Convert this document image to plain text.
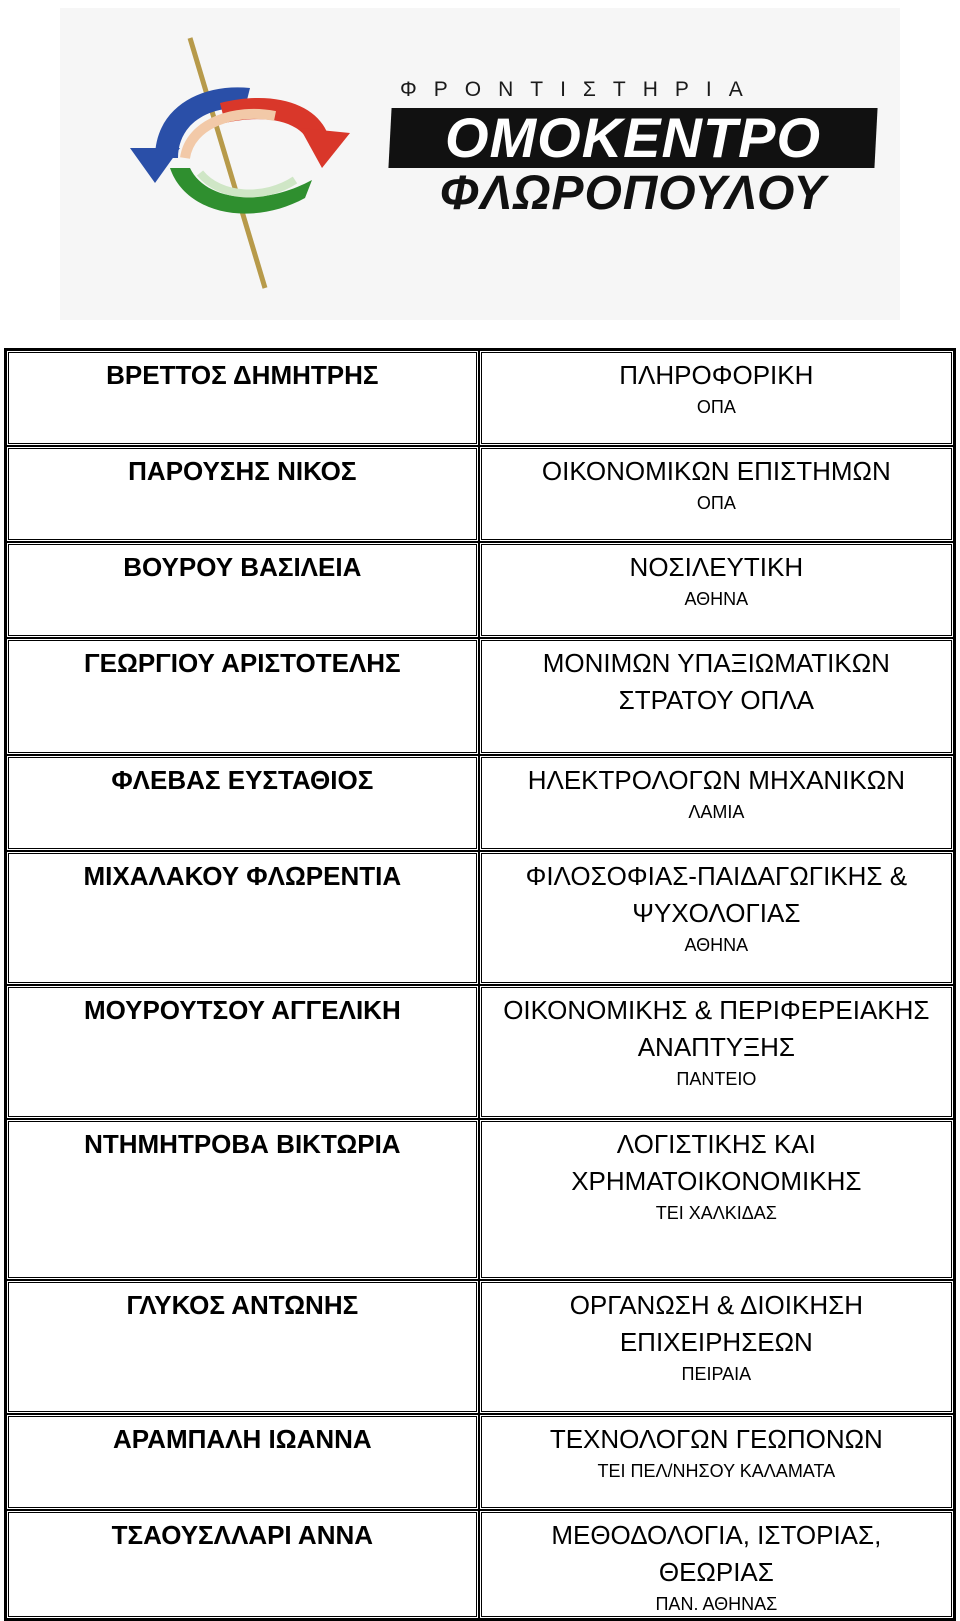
ΦΡΟΝΤΙΣΤΗΡΙΑ
ΟΜΟΚΕΝΤΡΟ
ΦΛΩΡΟΠΟΥΛΟΥ
ΒΡΕΤΤΟΣ ΔΗΜΗΤΡΗΣ	ΠΛΗΡΟΦΟΡΙΚΗ
ΟΠΑ

ΠΑΡΟΥΣΗΣ ΝΙΚΟΣ	ΟΙΚΟΝΟΜΙΚΩΝ ΕΠΙΣΤΗΜΩΝ
ΟΠΑ

ΒΟΥΡΟΥ ΒΑΣΙΛΕΙΑ	ΝΟΣΙΛΕΥΤΙΚΗ
ΑΘΗΝΑ

ΓΕΩΡΓΙΟΥ ΑΡΙΣΤΟΤΕΛΗΣ	ΜΟΝΙΜΩΝ ΥΠΑΞΙΩΜΑΤΙΚΩΝ
ΣΤΡΑΤΟΥ ΟΠΛΑ

ΦΛΕΒΑΣ ΕΥΣΤΑΘΙΟΣ	ΗΛΕΚΤΡΟΛΟΓΩΝ ΜΗΧΑΝΙΚΩΝ
ΛΑΜΙΑ

ΜΙΧΑΛΑΚΟΥ ΦΛΩΡΕΝΤΙΑ	ΦΙΛΟΣΟΦΙΑΣ-ΠΑΙΔΑΓΩΓΙΚΗΣ &
ΨΥΧΟΛΟΓΙΑΣ
ΑΘΗΝΑ

ΜΟΥΡΟΥΤΣΟΥ ΑΓΓΕΛΙΚΗ	ΟΙΚΟΝΟΜΙΚΗΣ & ΠΕΡΙΦΕΡΕΙΑΚΗΣ
ΑΝΑΠΤΥΞΗΣ
ΠΑΝΤΕΙΟ

ΝΤΗΜΗΤΡΟΒΑ ΒΙΚΤΩΡΙΑ	ΛΟΓΙΣΤΙΚΗΣ ΚΑΙ
ΧΡΗΜΑΤΟΙΚΟΝΟΜΙΚΗΣ
ΤΕΙ ΧΑΛΚΙΔΑΣ

ΓΛΥΚΟΣ ΑΝΤΩΝΗΣ	ΟΡΓΑΝΩΣΗ & ΔΙΟΙΚΗΣΗ
ΕΠΙΧΕΙΡΗΣΕΩΝ
ΠΕΙΡΑΙΑ

ΑΡΑΜΠΑΛΗ ΙΩΑΝΝΑ	ΤΕΧΝΟΛΟΓΩΝ ΓΕΩΠΟΝΩΝ
ΤΕΙ ΠΕΛ/ΝΗΣΟΥ ΚΑΛΑΜΑΤΑ

ΤΣΑΟΥΣΛΛΑΡΙ ΑΝΝΑ	ΜΕΘΟΔΟΛΟΓΙΑ, ΙΣΤΟΡΙΑΣ,
ΘΕΩΡΙΑΣ
ΠΑΝ. ΑΘΗΝΑΣ
